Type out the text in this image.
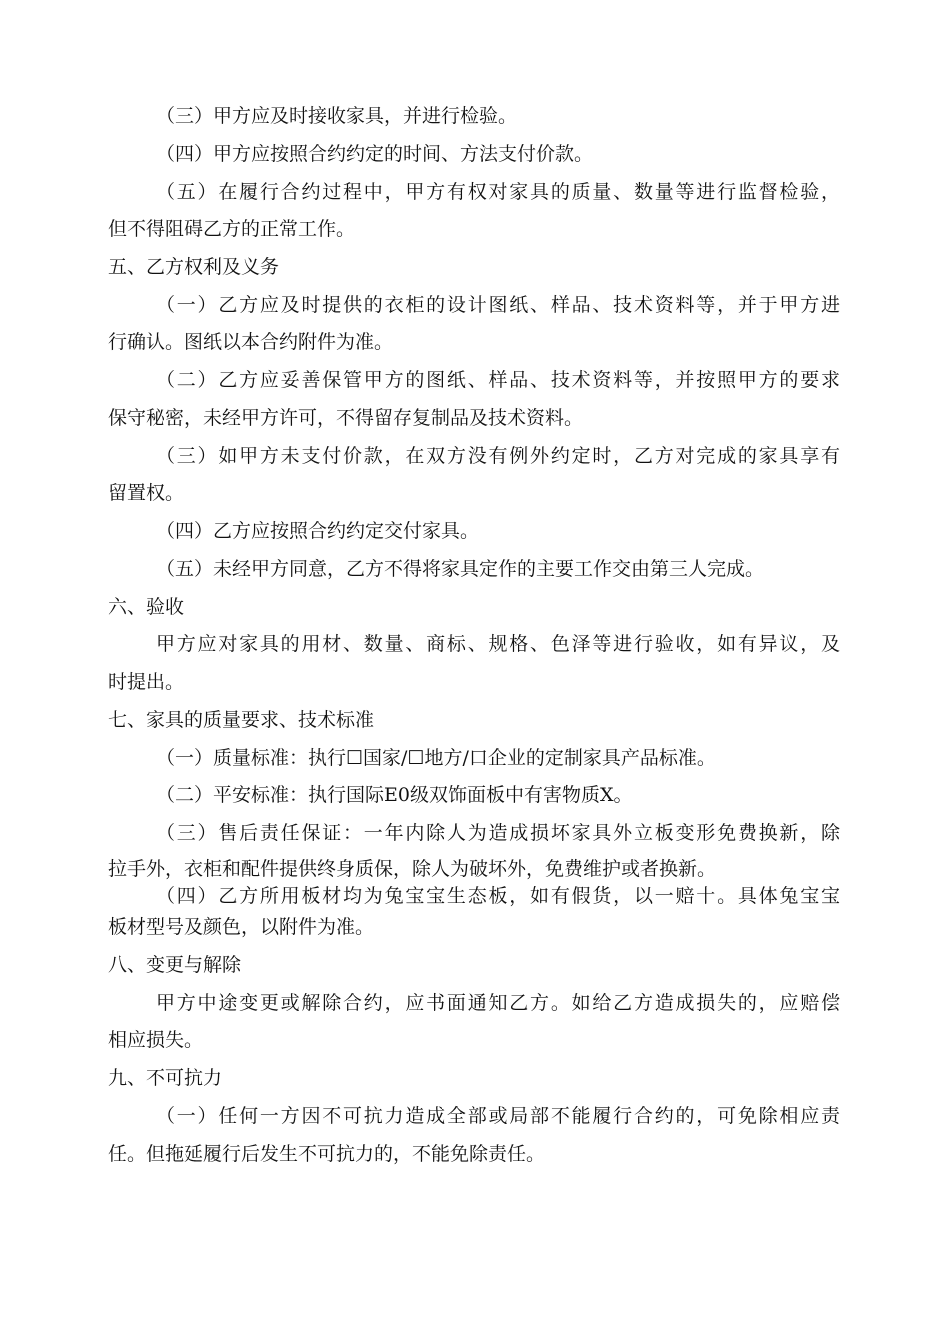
（三）甲方应及时接收家具，并进行检验。

（四）甲方应按照合约约定的时间、方法支付价款。

（五）在履行合约过程中，甲方有权对家具的质量、数量等进行监督检验，

但不得阻碍乙方的正常工作。

五、乙方权利及义务

（一）乙方应及时提供的衣柜的设计图纸、样品、技术资料等，并于甲方进

行确认。图纸以本合约附件为准。

（二）乙方应妥善保管甲方的图纸、样品、技术资料等，并按照甲方的要求

保守秘密，未经甲方许可，不得留存复制品及技术资料。

（三）如甲方未支付价款，在双方没有例外约定时，乙方对完成的家具享有

留置权。

（四）乙方应按照合约约定交付家具。

（五）未经甲方同意，乙方不得将家具定作的主要工作交由第三人完成。

六、验收

甲方应对家具的用材、数量、商标、规格、色泽等进行验收，如有异议，及

时提出。

七、家具的质量要求、技术标准

（一）质量标准：执行☐国家/☐地方/口企业的定制家具产品标准。

（二）平安标准：执行国际E0级双饰面板中有害物质X。

（三）售后责任保证：一年内除人为造成损坏家具外立板变形免费换新，除

拉手外，衣柜和配件提供终身质保，除人为破坏外，免费维护或者换新。

（四）乙方所用板材均为兔宝宝生态板，如有假货，以一赔十。具体兔宝宝

板材型号及颜色，以附件为准。

八、变更与解除

甲方中途变更或解除合约，应书面通知乙方。如给乙方造成损失的，应赔偿

相应损失。

九、不可抗力

（一）任何一方因不可抗力造成全部或局部不能履行合约的，可免除相应责

任。但拖延履行后发生不可抗力的，不能免除责任。
